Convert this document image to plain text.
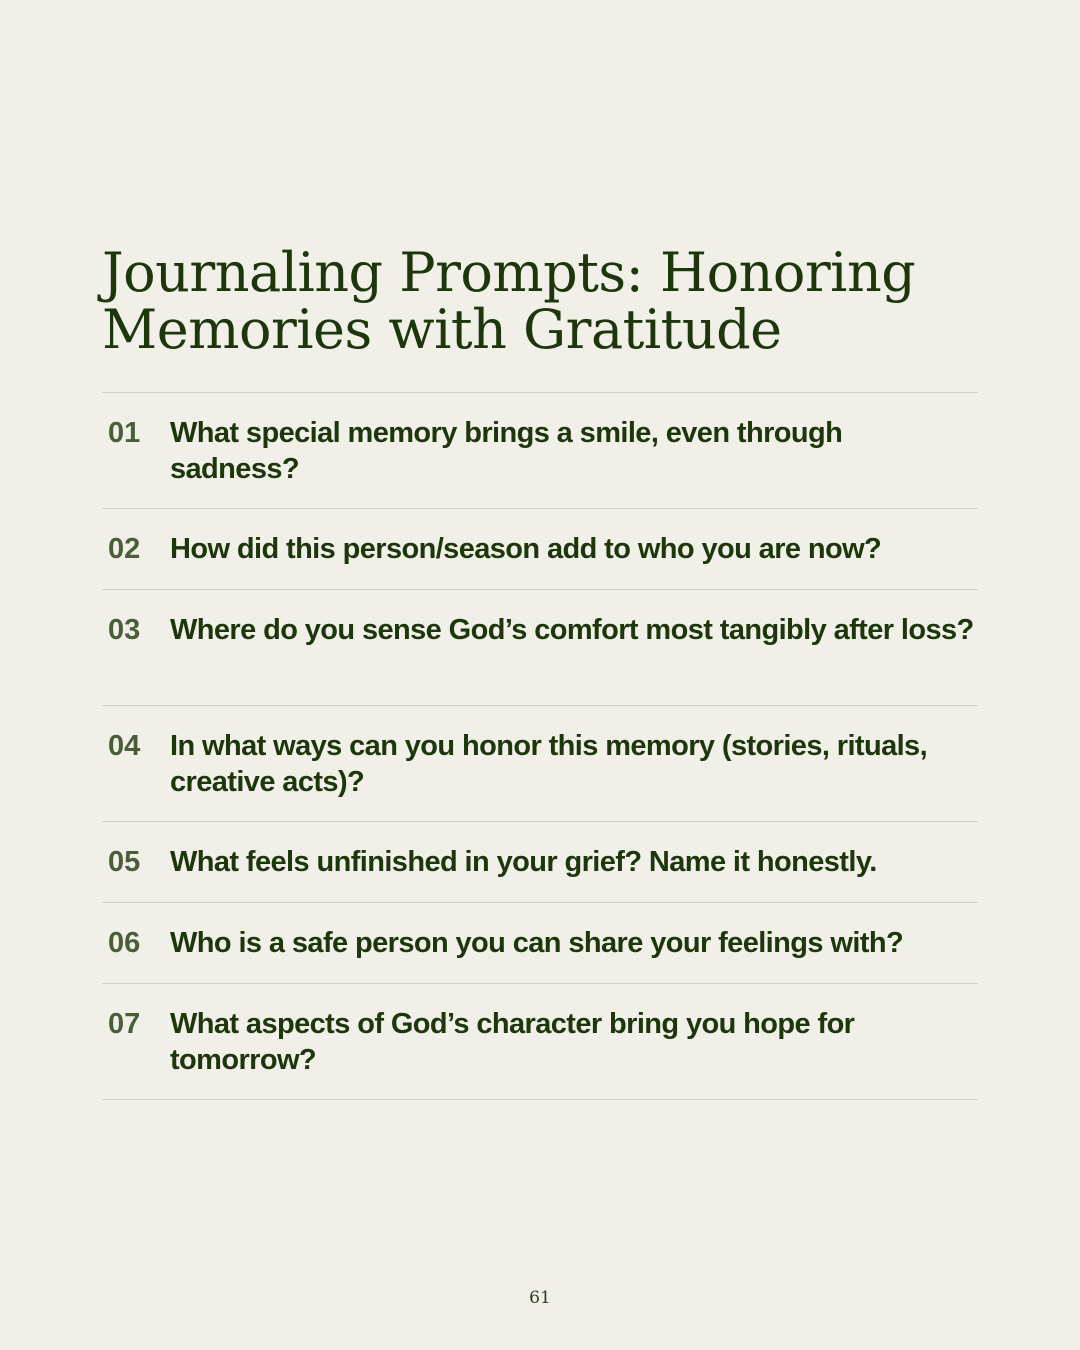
Journaling Prompts: Honoring Memories with Gratitude
01	What special memory brings a smile, even through sadness?
02	How did this person/season add to who you are now?
03	Where do you sense God’s comfort most tangibly after loss?
04	In what ways can you honor this memory (stories, rituals, creative acts)?
05	What feels unfinished in your grief? Name it honestly.
06	Who is a safe person you can share your feelings with?
07	What aspects of God’s character bring you hope for tomorrow?
61
